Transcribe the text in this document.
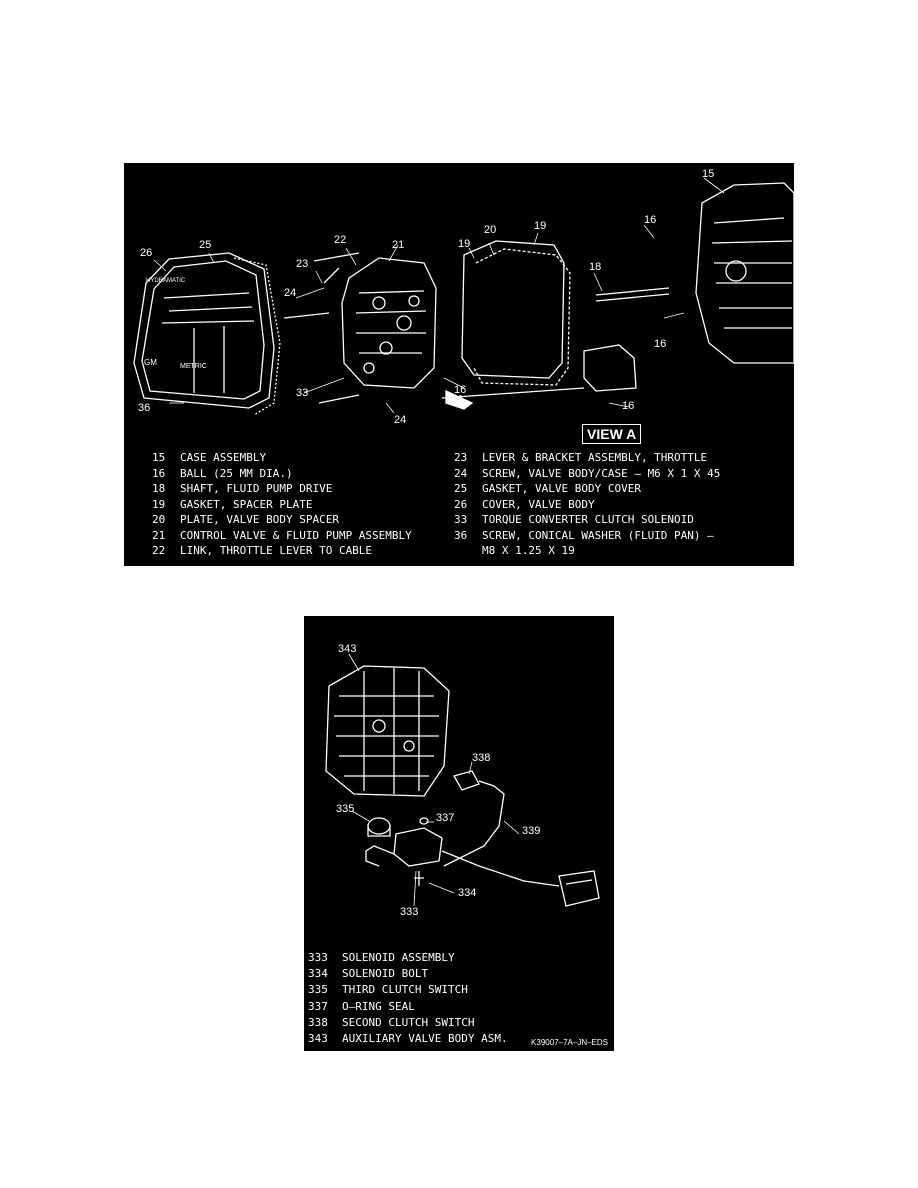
15
16
18
19
20
19
22	21
23
26
25
24
16
33
24
16
16
36
HYDRAMATIC
GM	METRIC
A
VIEW A
15	CASE ASSEMBLY
16	BALL (25 MM DIA.)
18	SHAFT, FLUID PUMP DRIVE
19	GASKET, SPACER PLATE
20	PLATE, VALVE BODY SPACER
21	CONTROL VALVE & FLUID PUMP ASSEMBLY
22	LINK, THROTTLE LEVER TO CABLE
23	LEVER & BRACKET ASSEMBLY, THROTTLE
24	SCREW, VALVE BODY/CASE – M6 X 1 X 45
25	GASKET, VALVE BODY COVER
26	COVER, VALVE BODY
33	TORQUE CONVERTER CLUTCH SOLENOID
36	SCREW, CONICAL WASHER (FLUID PAN) –
M8 X 1.25 X 19
343
338
339
335
337
334
333
333	SOLENOID ASSEMBLY
334	SOLENOID BOLT
335	THIRD CLUTCH SWITCH
337	O–RING SEAL
338	SECOND CLUTCH SWITCH
343	AUXILIARY VALVE BODY ASM.	K39007–7A–JN–EDS
